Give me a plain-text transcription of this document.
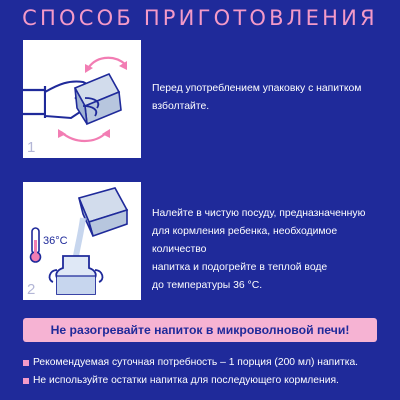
СПОСОБ ПРИГОТОВЛЕНИЯ
1
Перед употреблением упаковку с напитком
взболтайте.
36°С
2
Налейте в чистую посуду, предназначенную
для кормления ребенка, необходимое количество
напитка и подогрейте в теплой воде
до температуры 36 °С.
Не разогревайте напиток в микроволновой печи!
Рекомендуемая суточная потребность – 1 порция (200 мл) напитка.
Не используйте остатки напитка для последующего кормления.
